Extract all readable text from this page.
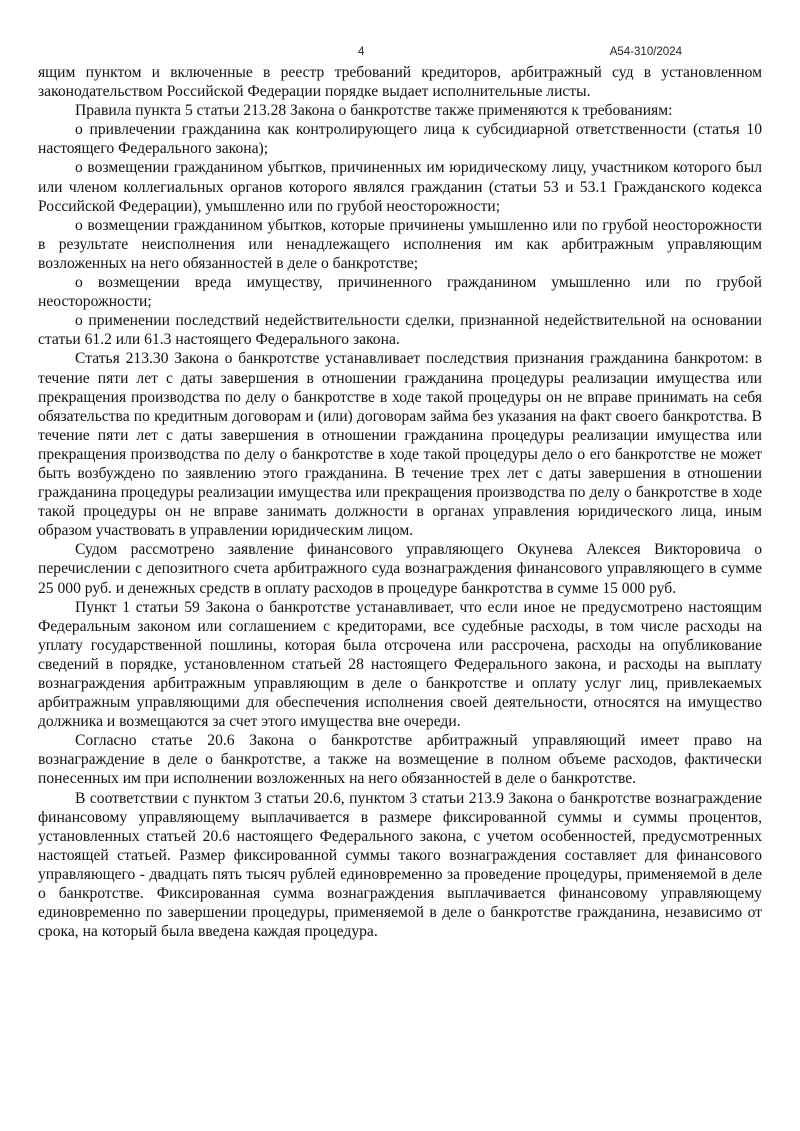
4	А54-310/2024

ящим пунктом и включенные в реестр требований кредиторов, арбитражный суд в установленном законодательством Российской Федерации порядке выдает исполнительные листы.

Правила пункта 5 статьи 213.28 Закона о банкротстве также применяются к требованиям:

о привлечении гражданина как контролирующего лица к субсидиарной ответственности (статья 10 настоящего Федерального закона);

о возмещении гражданином убытков, причиненных им юридическому лицу, участником которого был или членом коллегиальных органов которого являлся гражданин (статьи 53 и 53.1 Гражданского кодекса Российской Федерации), умышленно или по грубой неосторожности;

о возмещении гражданином убытков, которые причинены умышленно или по грубой неосторожности в результате неисполнения или ненадлежащего исполнения им как арбитражным управляющим возложенных на него обязанностей в деле о банкротстве;

о возмещении вреда имуществу, причиненного гражданином умышленно или по грубой неосторожности;

о применении последствий недействительности сделки, признанной недействительной на основании статьи 61.2 или 61.3 настоящего Федерального закона.

Статья 213.30 Закона о банкротстве устанавливает последствия признания гражданина банкротом: в течение пяти лет с даты завершения в отношении гражданина процедуры реализации имущества или прекращения производства по делу о банкротстве в ходе такой процедуры он не вправе принимать на себя обязательства по кредитным договорам и (или) договорам займа без указания на факт своего банкротства. В течение пяти лет с даты завершения в отношении гражданина процедуры реализации имущества или прекращения производства по делу о банкротстве в ходе такой процедуры дело о его банкротстве не может быть возбуждено по заявлению этого гражданина. В течение трех лет с даты завершения в отношении гражданина процедуры реализации имущества или прекращения производства по делу о банкротстве в ходе такой процедуры он не вправе занимать должности в органах управления юридического лица, иным образом участвовать в управлении юридическим лицом.

Судом рассмотрено заявление финансового управляющего Окунева Алексея Викторовича о перечислении с депозитного счета арбитражного суда вознаграждения финансового управляющего в сумме 25 000 руб. и денежных средств в оплату расходов в процедуре банкротства в сумме 15 000 руб.

Пункт 1 статьи 59 Закона о банкротстве устанавливает, что если иное не предусмотрено настоящим Федеральным законом или соглашением с кредиторами, все судебные расходы, в том числе расходы на уплату государственной пошлины, которая была отсрочена или рассрочена, расходы на опубликование сведений в порядке, установленном статьей 28 настоящего Федерального закона, и расходы на выплату вознаграждения арбитражным управляющим в деле о банкротстве и оплату услуг лиц, привлекаемых арбитражным управляющими для обеспечения исполнения своей деятельности, относятся на имущество должника и возмещаются за счет этого имущества вне очереди.

Согласно статье 20.6 Закона о банкротстве арбитражный управляющий имеет право на вознаграждение в деле о банкротстве, а также на возмещение в полном объеме расходов, фактически понесенных им при исполнении возложенных на него обязанностей в деле о банкротстве.

В соответствии с пунктом 3 статьи 20.6, пунктом 3 статьи 213.9 Закона о банкротстве вознаграждение финансовому управляющему выплачивается в размере фиксированной суммы и суммы процентов, установленных статьей 20.6 настоящего Федерального закона, с учетом особенностей, предусмотренных настоящей статьей. Размер фиксированной суммы такого вознаграждения составляет для финансового управляющего - двадцать пять тысяч рублей единовременно за проведение процедуры, применяемой в деле о банкротстве. Фиксированная сумма вознаграждения выплачивается финансовому управляющему единовременно по завершении процедуры, применяемой в деле о банкротстве гражданина, независимо от срока, на который была введена каждая процедура.
